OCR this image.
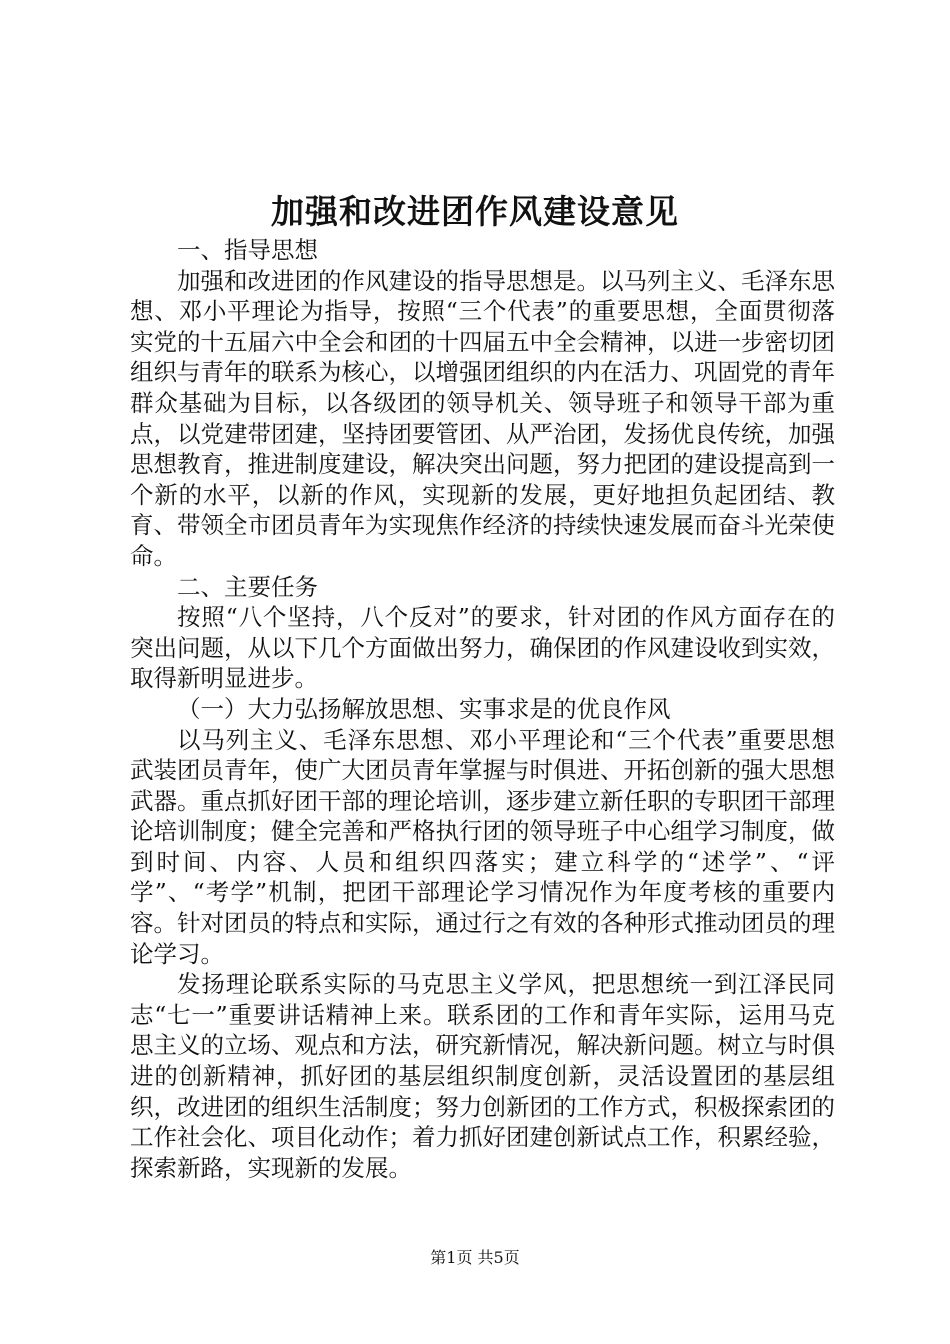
加强和改进团作风建设意见

一、指导思想

加强和改进团的作风建设的指导思想是。以马列主义、毛泽东思想、邓小平理论为指导，按照“三个代表”的重要思想，全面贯彻落实党的十五届六中全会和团的十四届五中全会精神，以进一步密切团组织与青年的联系为核心，以增强团组织的内在活力、巩固党的青年群众基础为目标，以各级团的领导机关、领导班子和领导干部为重点，以党建带团建，坚持团要管团、从严治团，发扬优良传统，加强思想教育，推进制度建设，解决突出问题，努力把团的建设提高到一个新的水平，以新的作风，实现新的发展，更好地担负起团结、教育、带领全市团员青年为实现焦作经济的持续快速发展而奋斗光荣使命。

二、主要任务

按照“八个坚持，八个反对”的要求，针对团的作风方面存在的突出问题，从以下几个方面做出努力，确保团的作风建设收到实效，取得新明显进步。

（一）大力弘扬解放思想、实事求是的优良作风

以马列主义、毛泽东思想、邓小平理论和“三个代表”重要思想武装团员青年，使广大团员青年掌握与时俱进、开拓创新的强大思想武器。重点抓好团干部的理论培训，逐步建立新任职的专职团干部理论培训制度；健全完善和严格执行团的领导班子中心组学习制度，做到时间、内容、人员和组织四落实；建立科学的“述学”、“评学”、“考学”机制，把团干部理论学习情况作为年度考核的重要内容。针对团员的特点和实际，通过行之有效的各种形式推动团员的理论学习。

发扬理论联系实际的马克思主义学风，把思想统一到江泽民同志“七一”重要讲话精神上来。联系团的工作和青年实际，运用马克思主义的立场、观点和方法，研究新情况，解决新问题。树立与时俱进的创新精神，抓好团的基层组织制度创新，灵活设置团的基层组织，改进团的组织生活制度；努力创新团的工作方式，积极探索团的工作社会化、项目化动作；着力抓好团建创新试点工作，积累经验，探索新路，实现新的发展。

第1页 共5页
